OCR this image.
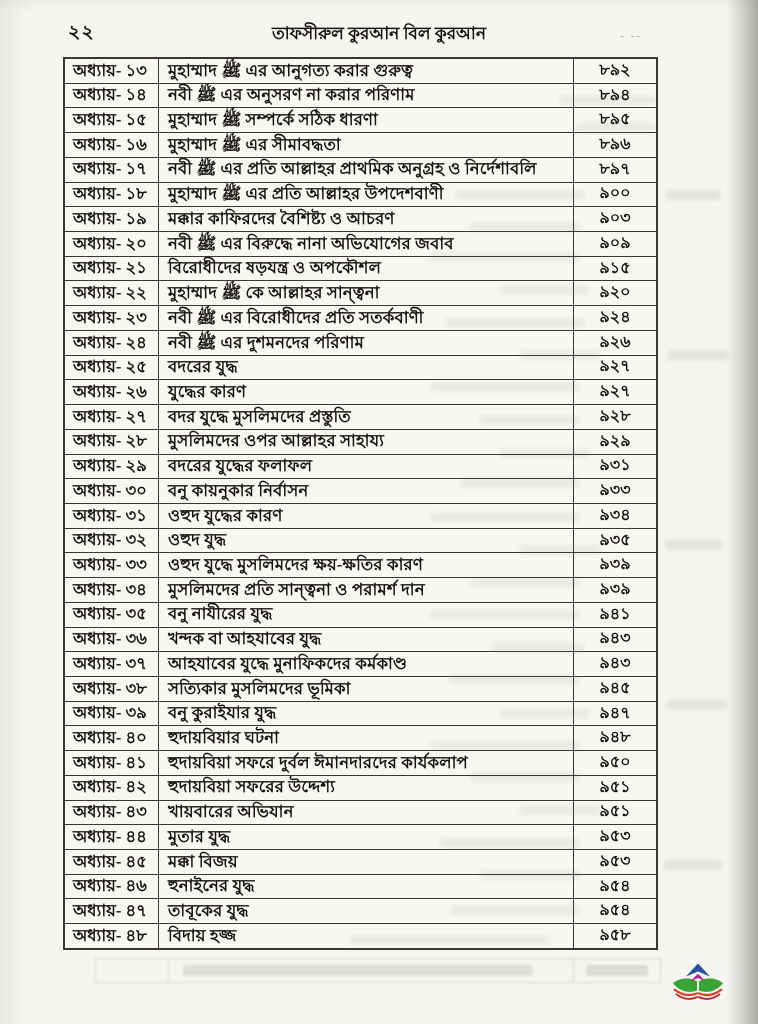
২২	তাফসীরুল কুরআন বিল কুরআন	- --
অধ্যায়- ১৩	মুহাম্মাদ ﷺ এর আনুগত্য করার গুরুত্ব	৮৯২
অধ্যায়- ১৪	নবী ﷺ এর অনুসরণ না করার পরিণাম	৮৯৪
অধ্যায়- ১৫	মুহাম্মাদ ﷺ সম্পর্কে সঠিক ধারণা	৮৯৫
অধ্যায়- ১৬	মুহাম্মাদ ﷺ এর সীমাবদ্ধতা	৮৯৬
অধ্যায়- ১৭	নবী ﷺ এর প্রতি আল্লাহর প্রাথমিক অনুগ্রহ ও নির্দেশাবলি	৮৯৭
অধ্যায়- ১৮	মুহাম্মাদ ﷺ এর প্রতি আল্লাহর উপদেশবাণী	৯০০
অধ্যায়- ১৯	মক্কার কাফিরদের বৈশিষ্ট্য ও আচরণ	৯০৩
অধ্যায়- ২০	নবী ﷺ এর বিরুদ্ধে নানা অভিযোগের জবাব	৯০৯
অধ্যায়- ২১	বিরোধীদের ষড়যন্ত্র ও অপকৌশল	৯১৫
অধ্যায়- ২২	মুহাম্মাদ ﷺ কে আল্লাহর সান্ত্বনা	৯২০
অধ্যায়- ২৩	নবী ﷺ এর বিরোধীদের প্রতি সতর্কবাণী	৯২৪
অধ্যায়- ২৪	নবী ﷺ এর দুশমনদের পরিণাম	৯২৬
অধ্যায়- ২৫	বদরের যুদ্ধ	৯২৭
অধ্যায়- ২৬	যুদ্ধের কারণ	৯২৭
অধ্যায়- ২৭	বদর যুদ্ধে মুসলিমদের প্রস্তুতি	৯২৮
অধ্যায়- ২৮	মুসলিমদের ওপর আল্লাহর সাহায্য	৯২৯
অধ্যায়- ২৯	বদরের যুদ্ধের ফলাফল	৯৩১
অধ্যায়- ৩০	বনু কায়নুকার নির্বাসন	৯৩৩
অধ্যায়- ৩১	ওহুদ যুদ্ধের কারণ	৯৩৪
অধ্যায়- ৩২	ওহুদ যুদ্ধ	৯৩৫
অধ্যায়- ৩৩	ওহুদ যুদ্ধে মুসলিমদের ক্ষয়-ক্ষতির কারণ	৯৩৯
অধ্যায়- ৩৪	মুসলিমদের প্রতি সান্ত্বনা ও পরামর্শ দান	৯৩৯
অধ্যায়- ৩৫	বনু নাযীরের যুদ্ধ	৯৪১
অধ্যায়- ৩৬	খন্দক বা আহযাবের যুদ্ধ	৯৪৩
অধ্যায়- ৩৭	আহযাবের যুদ্ধে মুনাফিকদের কর্মকাণ্ড	৯৪৩
অধ্যায়- ৩৮	সত্যিকার মুসলিমদের ভূমিকা	৯৪৫
অধ্যায়- ৩৯	বনু কুরাইযার যুদ্ধ	৯৪৭
অধ্যায়- ৪০	হুদায়বিয়ার ঘটনা	৯৪৮
অধ্যায়- ৪১	হুদায়বিয়া সফরে দুর্বল ঈমানদারদের কার্যকলাপ	৯৫০
অধ্যায়- ৪২	হুদায়বিয়া সফরের উদ্দেশ্য	৯৫১
অধ্যায়- ৪৩	খায়বারের অভিযান	৯৫১
অধ্যায়- ৪৪	মুতার যুদ্ধ	৯৫৩
অধ্যায়- ৪৫	মক্কা বিজয়	৯৫৩
অধ্যায়- ৪৬	হুনাইনের যুদ্ধ	৯৫৪
অধ্যায়- ৪৭	তাবূকের যুদ্ধ	৯৫৪
অধ্যায়- ৪৮	বিদায় হজ্জ	৯৫৮
